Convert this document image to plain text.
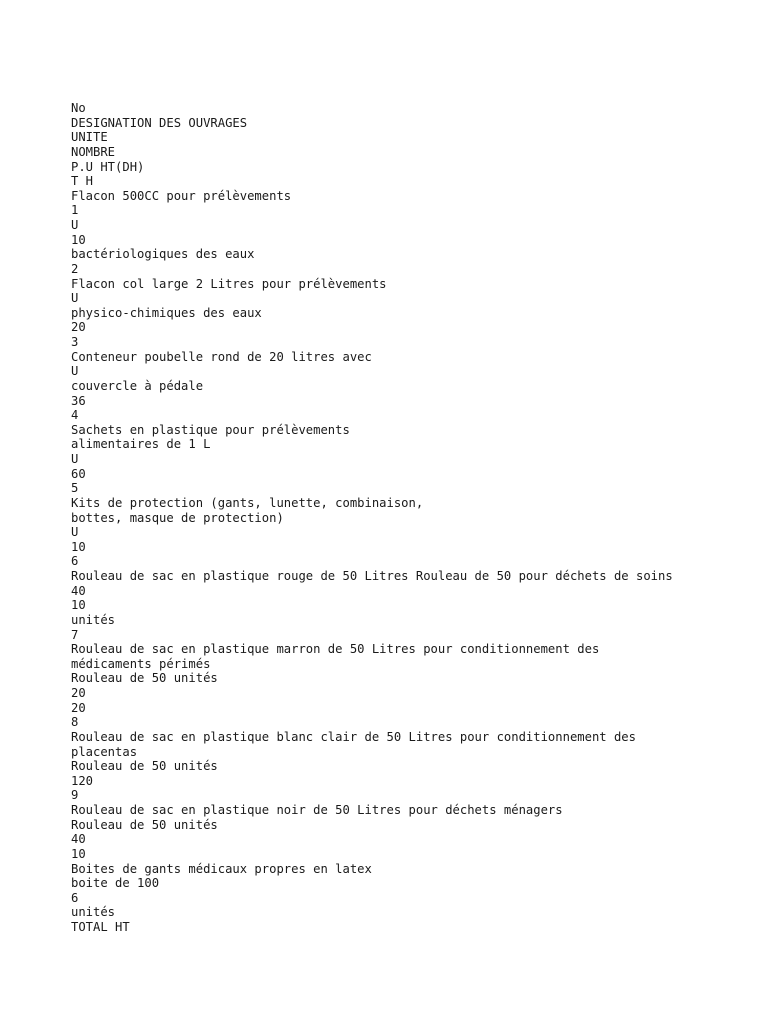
No
DESIGNATION DES OUVRAGES
UNITE
NOMBRE
P.U HT(DH)
T H
Flacon 500CC pour prélèvements
1
U
10
bactériologiques des eaux
2
Flacon col large 2 Litres pour prélèvements
U
physico-chimiques des eaux
20
3
Conteneur poubelle rond de 20 litres avec
U
couvercle à pédale
36
4
Sachets en plastique pour prélèvements
alimentaires de 1 L
U
60
5
Kits de protection (gants, lunette, combinaison,
bottes, masque de protection)
U
10
6
Rouleau de sac en plastique rouge de 50 Litres Rouleau de 50 pour déchets de soins
40
10
unités
7
Rouleau de sac en plastique marron de 50 Litres pour conditionnement des
médicaments périmés
Rouleau de 50 unités
20
20
8
Rouleau de sac en plastique blanc clair de 50 Litres pour conditionnement des
placentas
Rouleau de 50 unités
120
9
Rouleau de sac en plastique noir de 50 Litres pour déchets ménagers
Rouleau de 50 unités
40
10
Boites de gants médicaux propres en latex
boite de 100
6
unités
TOTAL HT
